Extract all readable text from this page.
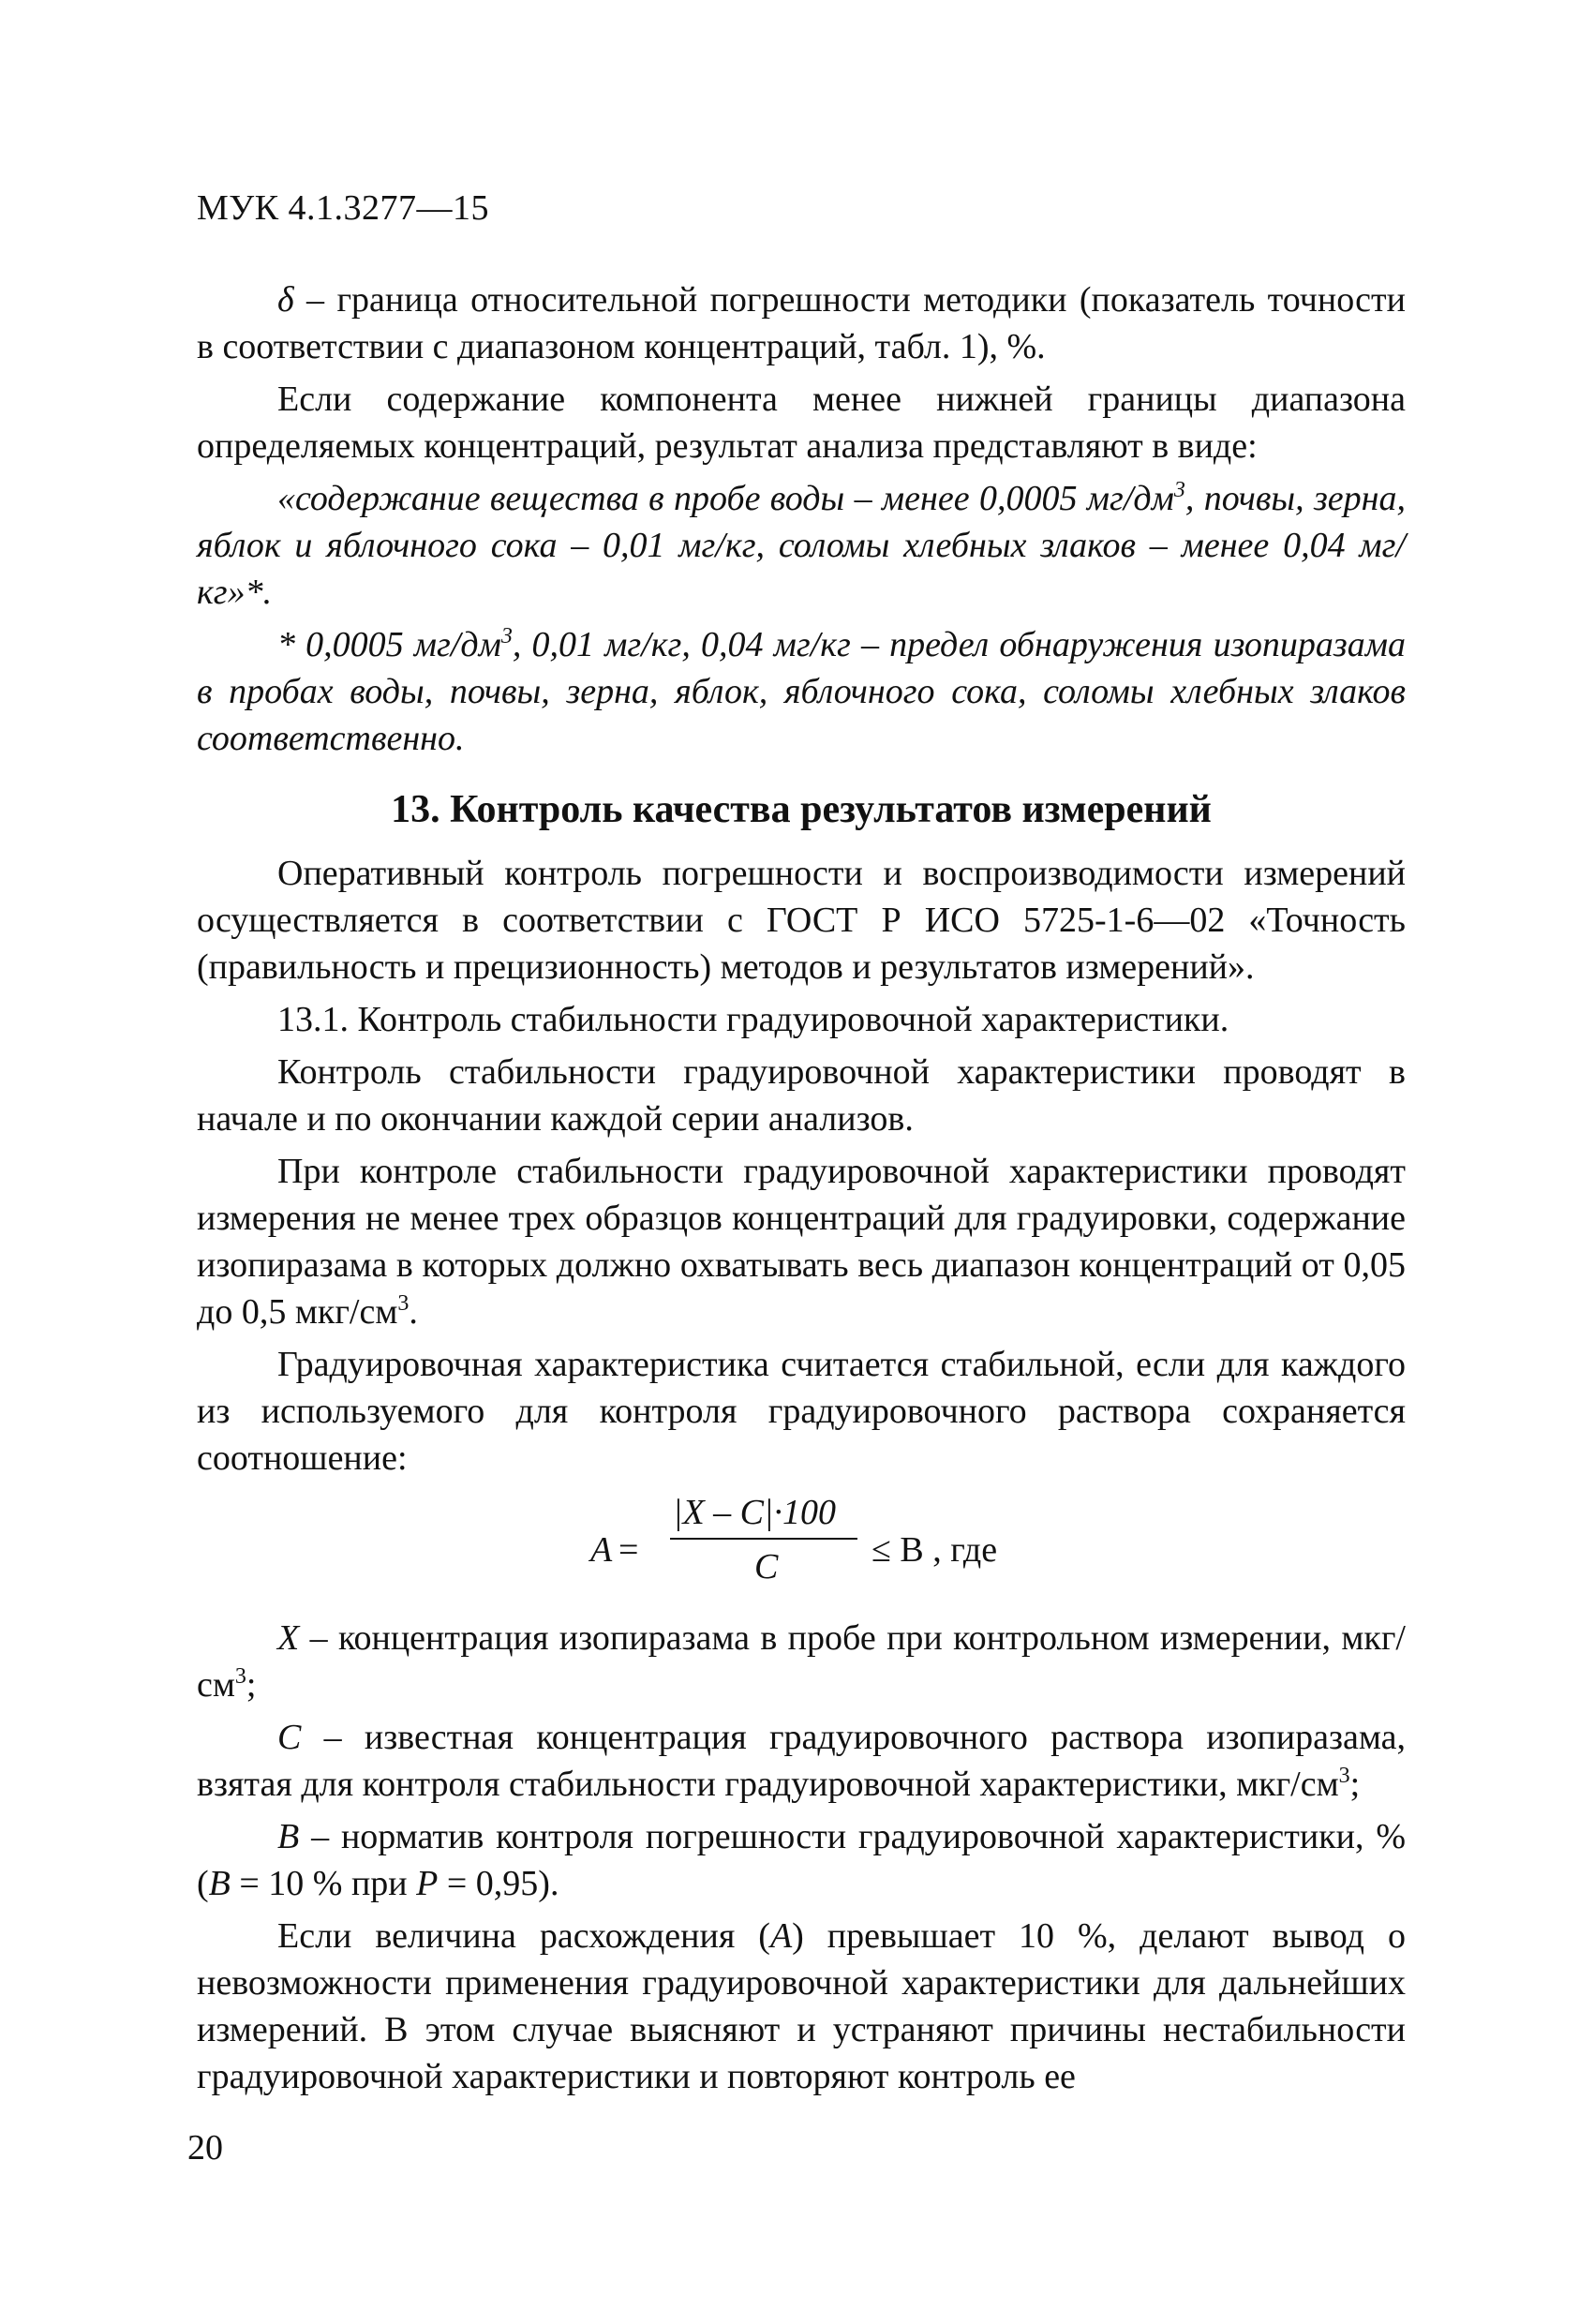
МУК 4.1.3277—15

δ – граница относительной погрешности методики (показатель точности в соответствии с диапазоном концентраций, табл. 1), %.

Если содержание компонента менее нижней границы диапазона определяемых концентраций, результат анализа представляют в виде:

«содержание вещества в пробе воды – менее 0,0005 $мг/дм^3$, почвы, зерна, яблок и яблочного сока – 0,01 мг/кг, соломы хлебных злаков – менее 0,04 мг/кг»*.

* 0,0005 $мг/дм^3$, 0,01 мг/кг, 0,04 мг/кг – предел обнаружения изопиразама в пробах воды, почвы, зерна, яблок, яблочного сока, соломы хлебных злаков соответственно.

13. Контроль качества результатов измерений

Оперативный контроль погрешности и воспроизводимости измерений осуществляется в соответствии с ГОСТ Р ИСО 5725-1-6—02 «Точность (правильность и прецизионность) методов и результатов измерений».

13.1. Контроль стабильности градуировочной характеристики.

Контроль стабильности градуировочной характеристики проводят в начале и по окончании каждой серии анализов.

При контроле стабильности градуировочной характеристики проводят измерения не менее трех образцов концентраций для градуировки, содержание изопиразама в которых должно охватывать весь диапазон концентраций от 0,05 до 0,5 мкг/$см^3$.

Градуировочная характеристика считается стабильной, если для каждого из используемого для контроля градуировочного раствора сохраняется соотношение:

A =
|X – C|·100
C	≤ B , где

X – концентрация изопиразама в пробе при контрольном измерении, мкг/$см^3$;

C – известная концентрация градуировочного раствора изопиразама, взятая для контроля стабильности градуировочной характеристики, мкг/$см^3$;

B – норматив контроля погрешности градуировочной характеристики, % (B = 10 % при P = 0,95).

Если величина расхождения (A) превышает 10 %, делают вывод о невозможности применения градуировочной характеристики для дальнейших измерений. В этом случае выясняют и устраняют причины нестабильности градуировочной характеристики и повторяют контроль ее

20
